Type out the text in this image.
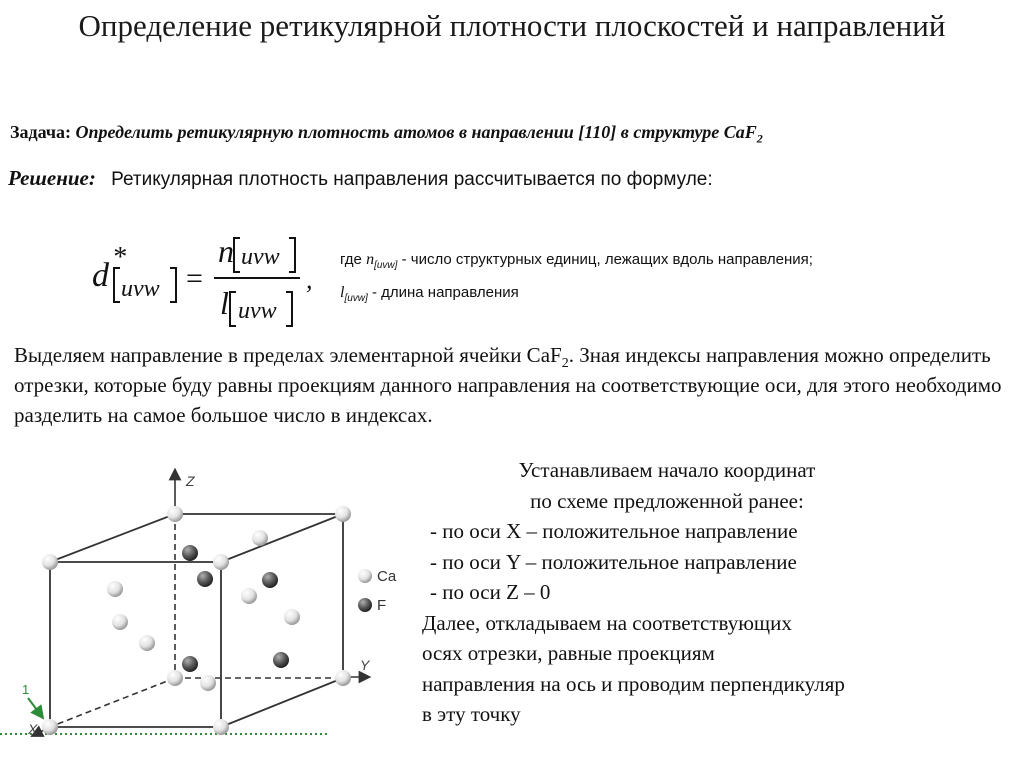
Определение ретикулярной плотности плоскостей и направлений
Задача: Определить ретикулярную плотность атомов в направлении [110] в структуре CaF$_2$
Решение: Ретикулярная плотность направления рассчитывается по формуле:
d *
uvw =
n uvw
l uvw
,
где $n_{[uvw]}$ - число структурных единиц, лежащих вдоль направления;
$l_{[uvw]}$ - длина направления
Выделяем направление в пределах элементарной ячейки CaF$_2$. Зная индексы направления можно определить отрезки, которые буду равны проекциям данного направления на соответствующие оси, для этого необходимо разделить на самое большое число в индексах.
Устанавливаем начало координат
по схеме предложенной ранее:
- по оси X – положительное направление
- по оси Y – положительное направление
- по оси Z – 0
Далее, откладываем на соответствующих
осях отрезки, равные проекциям
направления на ось и проводим перпендикуляр
в эту точку
Z
Y
X
1
Ca
F
